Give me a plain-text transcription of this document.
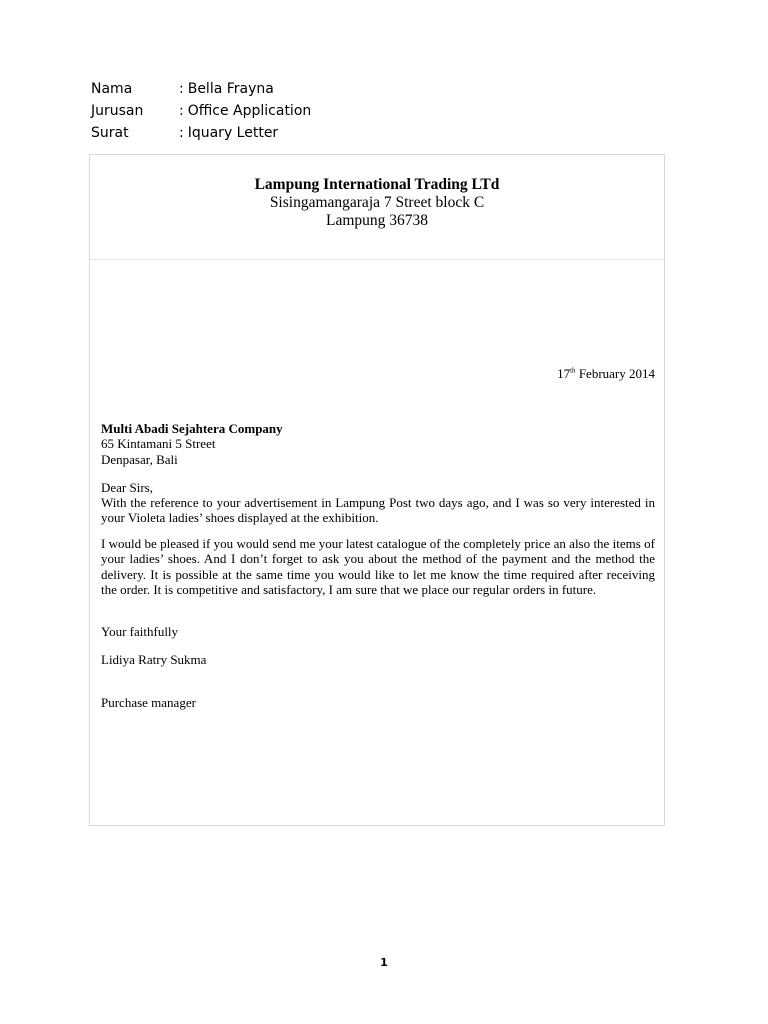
Nama	: Bella Frayna
Jurusan	: Office Application
Surat	: Iquary Letter
Lampung International Trading LTd
Sisingamangaraja 7 Street block C
Lampung 36738
17th February 2014
Multi Abadi Sejahtera Company
65 Kintamani 5 Street
Denpasar, Bali
Dear Sirs,
With the reference to your advertisement in Lampung Post two days ago, and I was so very interested in your Violeta ladies’ shoes displayed at the exhibition.
I would be pleased if you would send me your latest catalogue of the completely price an also the items of your ladies’ shoes. And I don’t forget to ask you about the method of the payment and the method the delivery. It is possible at the same time you would like to let me know the time required after receiving the order. It is competitive and satisfactory, I am sure that we place our regular orders in future.
Your faithfully
Lidiya Ratry Sukma
Purchase manager
1
